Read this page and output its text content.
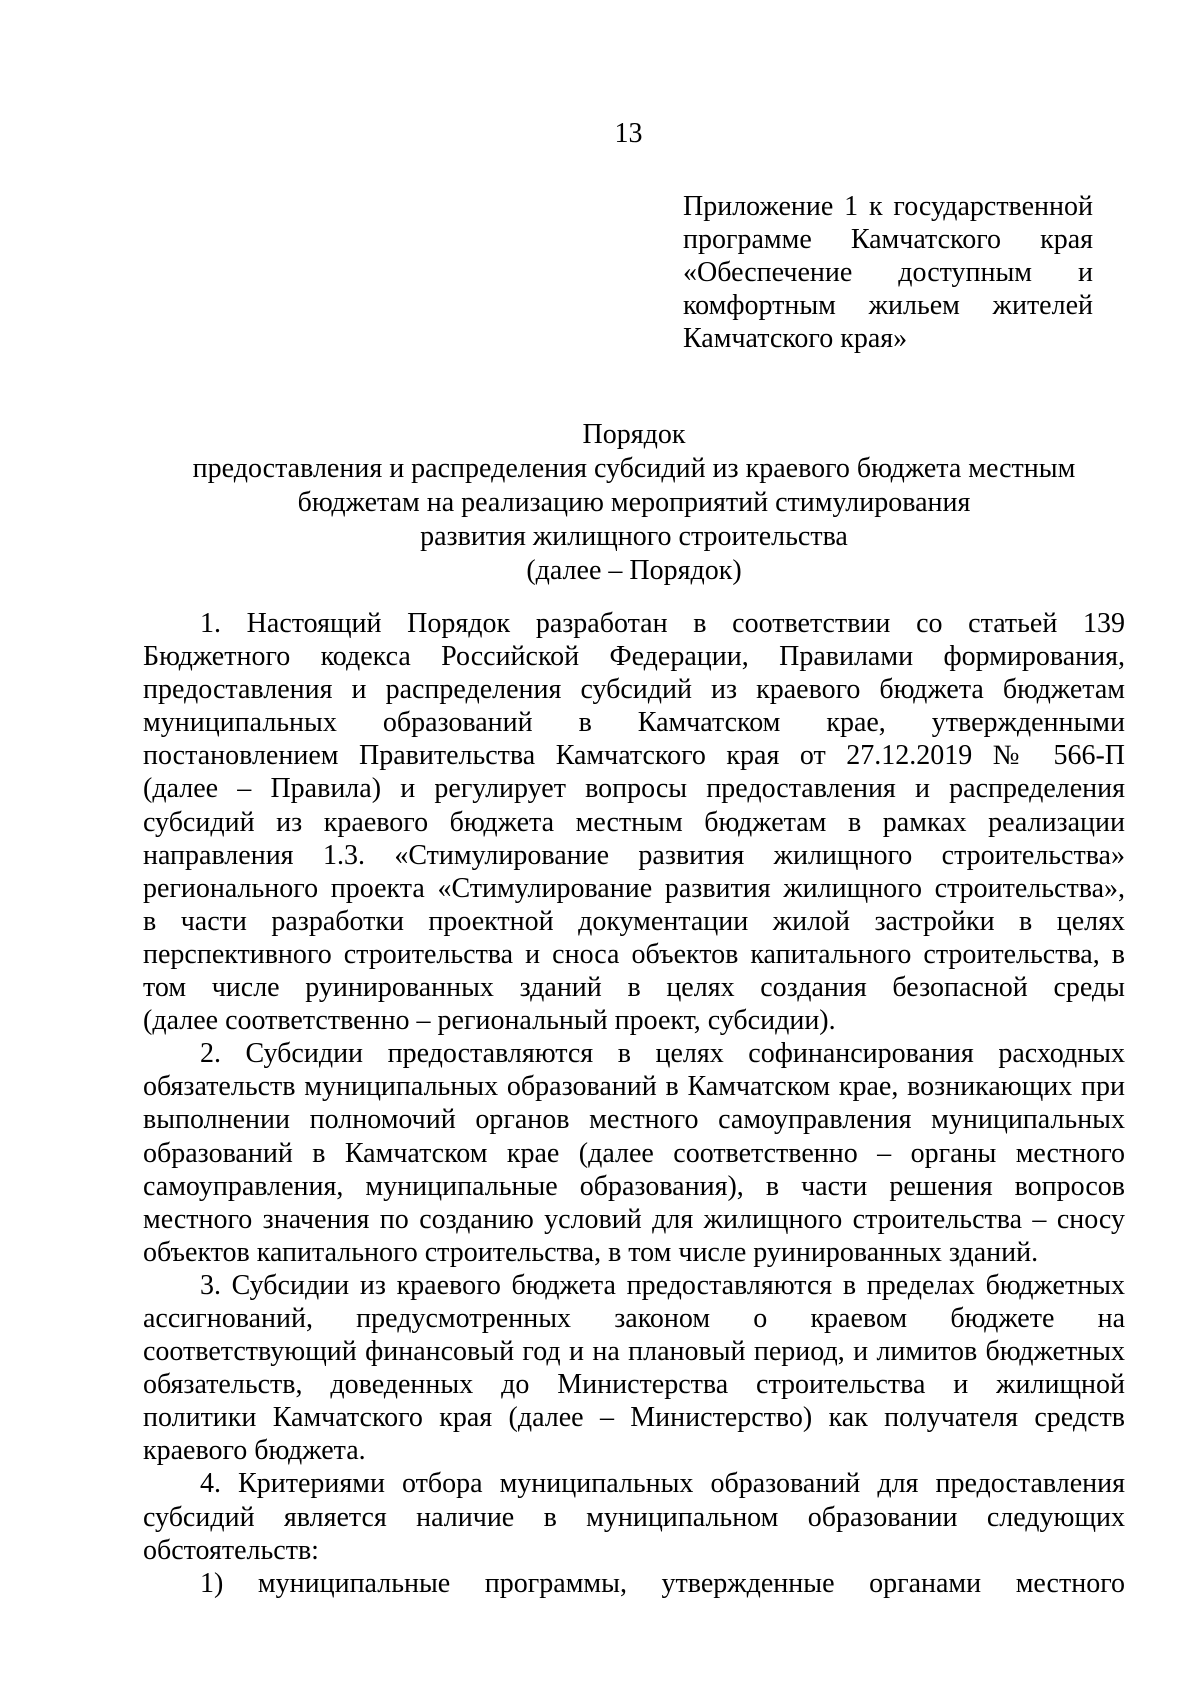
13
Приложение 1 к государственной
программе Камчатского края
«Обеспечение доступным и
комфортным жильем жителей
Камчатского края»
Порядок
предоставления и распределения субсидий из краевого бюджета местным
бюджетам на реализацию мероприятий стимулирования
развития жилищного строительства
(далее – Порядок)
1. Настоящий Порядок разработан в соответствии со статьей 139
Бюджетного кодекса Российской Федерации, Правилами формирования,
предоставления и распределения субсидий из краевого бюджета бюджетам
муниципальных образований в Камчатском крае, утвержденными
постановлением Правительства Камчатского края от 27.12.2019 № 566-П
(далее – Правила) и регулирует вопросы предоставления и распределения
субсидий из краевого бюджета местным бюджетам в рамках реализации
направления 1.3. «Стимулирование развития жилищного строительства»
регионального проекта «Стимулирование развития жилищного строительства»,
в части разработки проектной документации жилой застройки в целях
перспективного строительства и сноса объектов капитального строительства, в
том числе руинированных зданий в целях создания безопасной среды
(далее соответственно – региональный проект, субсидии).
2. Субсидии предоставляются в целях софинансирования расходных
обязательств муниципальных образований в Камчатском крае, возникающих при
выполнении полномочий органов местного самоуправления муниципальных
образований в Камчатском крае (далее соответственно – органы местного
самоуправления, муниципальные образования), в части решения вопросов
местного значения по созданию условий для жилищного строительства – сносу
объектов капитального строительства, в том числе руинированных зданий.
3. Субсидии из краевого бюджета предоставляются в пределах бюджетных
ассигнований, предусмотренных законом о краевом бюджете на
соответствующий финансовый год и на плановый период, и лимитов бюджетных
обязательств, доведенных до Министерства строительства и жилищной
политики Камчатского края (далее – Министерство) как получателя средств
краевого бюджета.
4. Критериями отбора муниципальных образований для предоставления
субсидий является наличие в муниципальном образовании следующих
обстоятельств:
1) муниципальные программы, утвержденные органами местного
